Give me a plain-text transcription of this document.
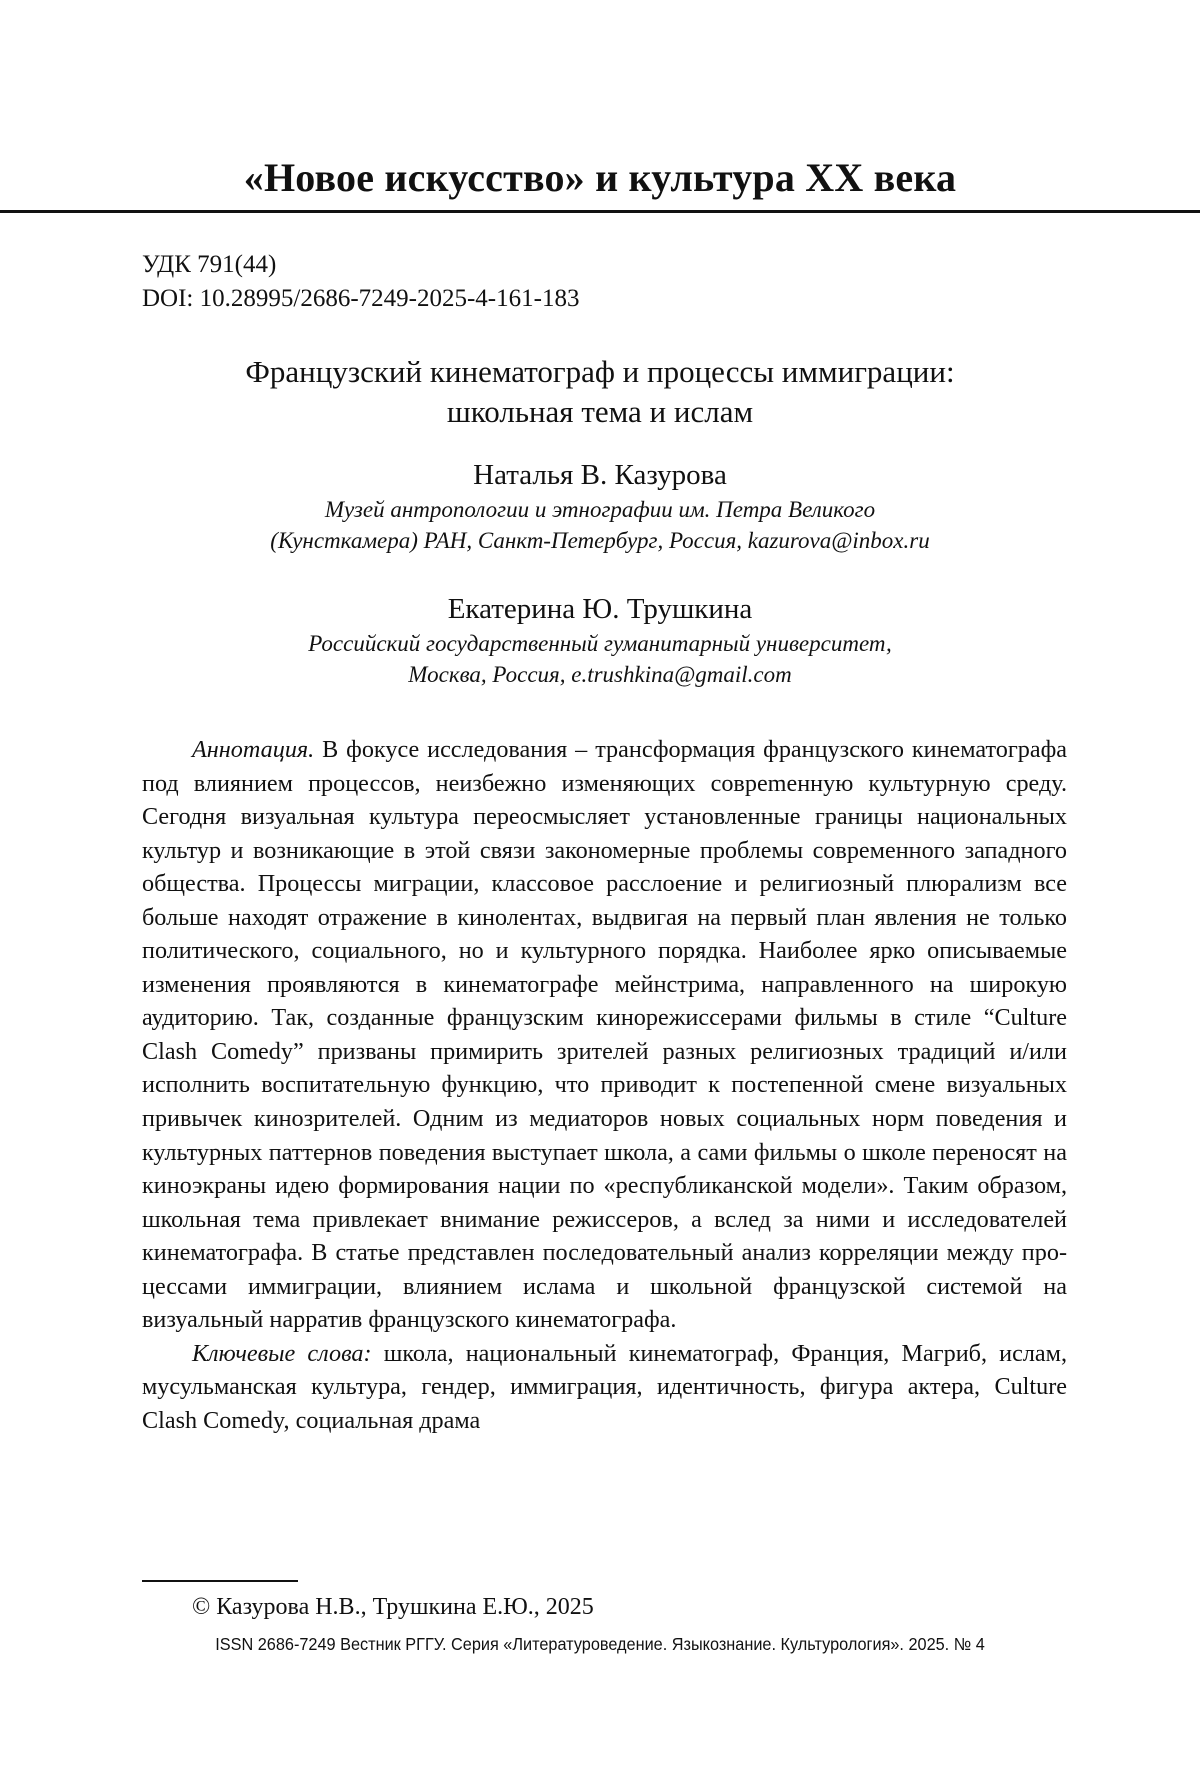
«Новое искусство» и культура XX века
УДК 791(44)
DOI: 10.28995/2686-7249-2025-4-161-183
Французский кинематограф и процессы иммиграции:
школьная тема и ислам
Наталья В. Казурова
Музей антропологии и этнографии им. Петра Великого
(Кунсткамера) РАН, Санкт-Петербург, Россия, kazurova@inbox.ru
Екатерина Ю. Трушкина
Российский государственный гуманитарный университет,
Москва, Россия, e.trushkina@gmail.com

Аннотация. В фокусе исследования – трансформация французского кинематографа под влиянием процессов, неизбежно изменяющих совре­mенную культурную среду. Сегодня визуальная культура переосмысляет установленные границы национальных культур и возникающие в этой связи закономерные проблемы современного западного общества. Процес­сы миграции, классовое расслоение и религиозный плюрализм все больше находят отражение в кинолентах, выдвигая на первый план явления не только политического, социального, но и культурного порядка. Наиболее ярко описываемые изменения проявляются в кинематографе мейнстрима, направленного на широкую аудиторию. Так, созданные французским кинорежиссерами фильмы в стиле “Culture Clash Comedy” призваны примирить зрителей разных религиозных традиций и/или исполнить воспитательную функцию, что приводит к постепенной смене визуальных привычек кинозрителей. Одним из медиаторов новых социальных норм поведения и культурных паттернов поведения выступает школа, а сами фильмы о школе переносят на киноэкраны идею формирования нации по «республиканской модели». Таким образом, школьная тема привлекает внимание режиссеров, а вслед за ними и исследователей кинематографа. В статье представлен последовательный анализ корреляции между про­цессами иммиграции, влиянием ислама и школьной французской систе­мой на визуальный нарратив французского кинематографа.

Ключевые слова: школа, национальный кинематограф, Франция, Ма­гриб, ислам, мусульманская культура, гендер, иммиграция, идентичность, фигура актера, Culture Clash Comedy, социальная драма

© Казурова Н.В., Трушкина Е.Ю., 2025
ISSN 2686-7249 Вестник РГГУ. Серия «Литературоведение. Языкознание. Культурология». 2025. № 4
